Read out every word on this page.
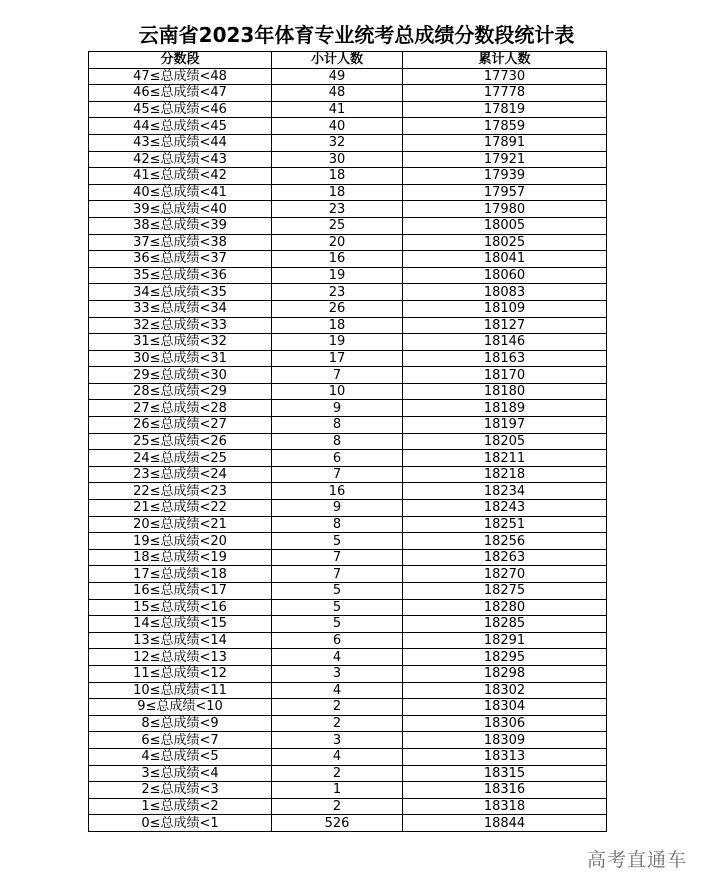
云南省2023年体育专业统考总成绩分数段统计表
分数段	小计人数	累计人数
47≤总成绩<48	49	17730
46≤总成绩<47	48	17778
45≤总成绩<46	41	17819
44≤总成绩<45	40	17859
43≤总成绩<44	32	17891
42≤总成绩<43	30	17921
41≤总成绩<42	18	17939
40≤总成绩<41	18	17957
39≤总成绩<40	23	17980
38≤总成绩<39	25	18005
37≤总成绩<38	20	18025
36≤总成绩<37	16	18041
35≤总成绩<36	19	18060
34≤总成绩<35	23	18083
33≤总成绩<34	26	18109
32≤总成绩<33	18	18127
31≤总成绩<32	19	18146
30≤总成绩<31	17	18163
29≤总成绩<30	7	18170
28≤总成绩<29	10	18180
27≤总成绩<28	9	18189
26≤总成绩<27	8	18197
25≤总成绩<26	8	18205
24≤总成绩<25	6	18211
23≤总成绩<24	7	18218
22≤总成绩<23	16	18234
21≤总成绩<22	9	18243
20≤总成绩<21	8	18251
19≤总成绩<20	5	18256
18≤总成绩<19	7	18263
17≤总成绩<18	7	18270
16≤总成绩<17	5	18275
15≤总成绩<16	5	18280
14≤总成绩<15	5	18285
13≤总成绩<14	6	18291
12≤总成绩<13	4	18295
11≤总成绩<12	3	18298
10≤总成绩<11	4	18302
9≤总成绩<10	2	18304
8≤总成绩<9	2	18306
6≤总成绩<7	3	18309
4≤总成绩<5	4	18313
3≤总成绩<4	2	18315
2≤总成绩<3	1	18316
1≤总成绩<2	2	18318
0≤总成绩<1	526	18844
高考直通车
